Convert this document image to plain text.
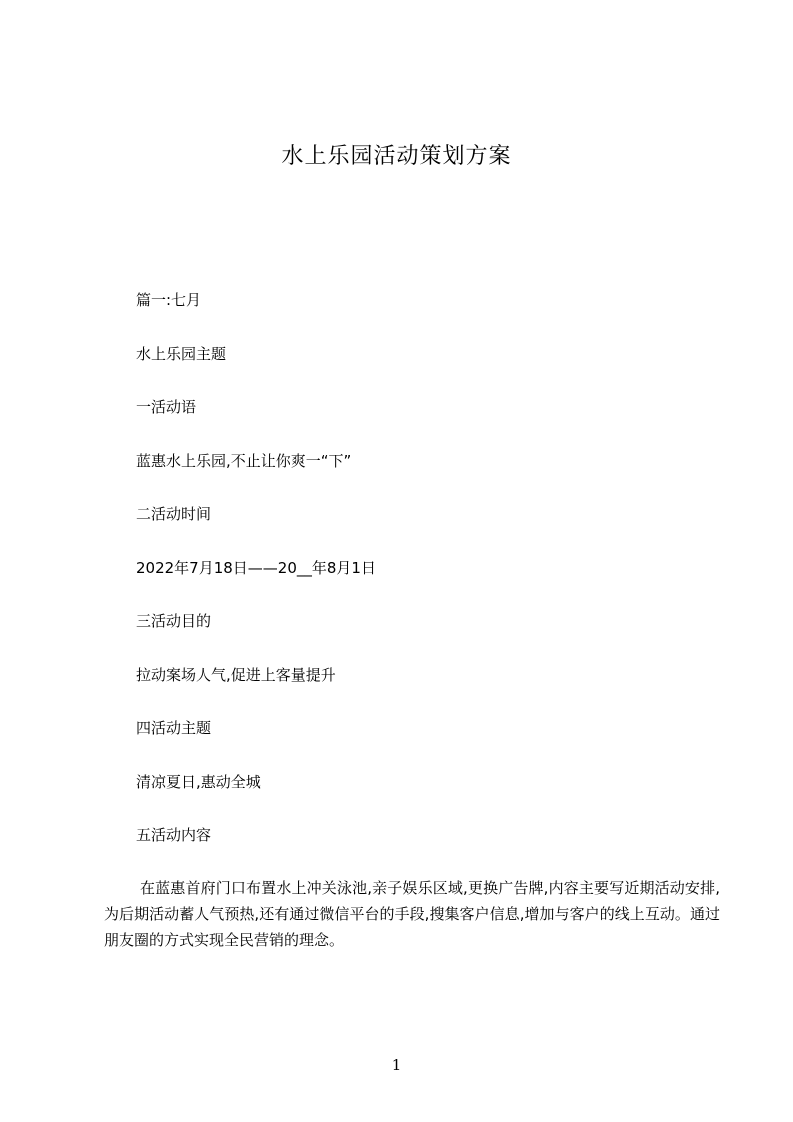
水上乐园活动策划方案
篇一:七月
水上乐园主题
一活动语
蓝惠水上乐园,不止让你爽一“下”
二活动时间
2022年7月18日——20__年8月1日
三活动目的
拉动案场人气,促进上客量提升
四活动主题
清凉夏日,惠动全城
五活动内容
在蓝惠首府门口布置水上冲关泳池,亲子娱乐区域,更换广告牌,内容主要写近期活动安排,为后期活动蓄人气预热,还有通过微信平台的手段,搜集客户信息,增加与客户的线上互动。通过朋友圈的方式实现全民营销的理念。
1
